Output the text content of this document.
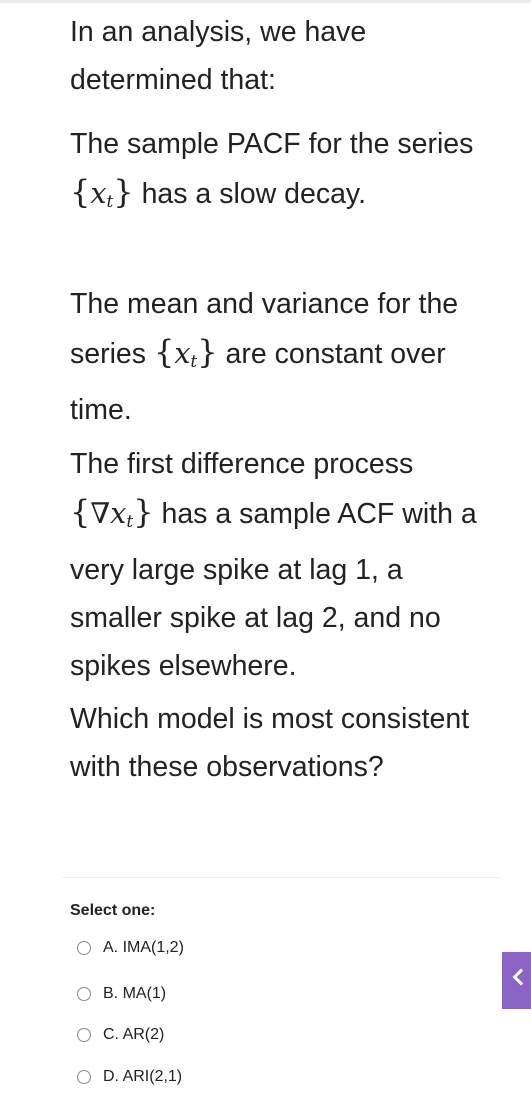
In an analysis, we have determined that:

The sample PACF for the series $\{x_t\}$ has a slow decay.

The mean and variance for the series $\{x_t\}$ are constant over time.

The first difference process $\{\nabla x_t\}$ has a sample ACF with a very large spike at lag 1, a smaller spike at lag 2, and no spikes elsewhere.

Which model is most consistent with these observations?

Select one:
A. IMA(1,2)
B. MA(1)
C. AR(2)
D. ARI(2,1)
